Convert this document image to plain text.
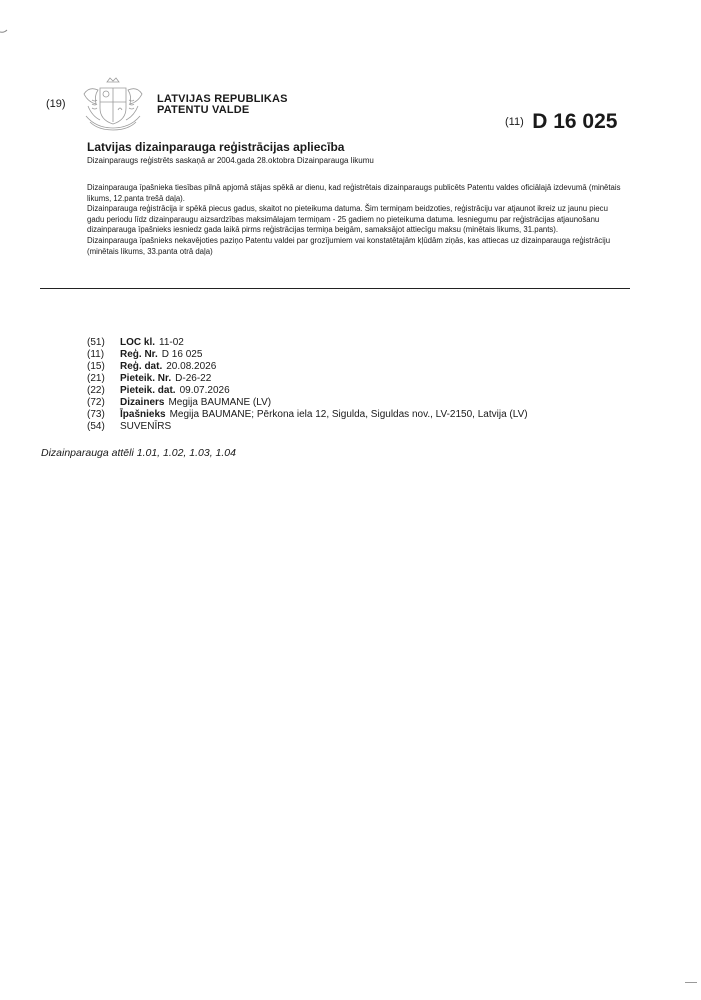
(19)	LATVIJAS REPUBLIKAS
PATENTU VALDE
(11) D 16 025
Latvijas dizainparauga reģistrācijas apliecība
Dizainparaugs reģistrēts saskaņā ar 2004.gada 28.oktobra Dizainparauga likumu

Dizainparauga īpašnieka tiesības pilnā apjomā stājas spēkā ar dienu, kad reģistrētais dizainparaugs publicēts Patentu valdes oficiālajā izdevumā (minētais likums, 12.panta trešā daļa).

Dizainparauga reģistrācija ir spēkā piecus gadus, skaitot no pieteikuma datuma. Šim termiņam beidzoties, reģistrāciju var atjaunot ikreiz uz jaunu piecu gadu periodu līdz dizainparaugu aizsardzības maksimālajam termiņam - 25 gadiem no pieteikuma datuma. Iesniegumu par reģistrācijas atjaunošanu dizainparauga īpašnieks iesniedz gada laikā pirms reģistrācijas termiņa beigām, samaksājot attiecīgu maksu (minētais likums, 31.pants).

Dizainparauga īpašnieks nekavējoties paziņo Patentu valdei par grozījumiem vai konstatētajām kļūdām ziņās, kas attiecas uz dizainparauga reģistrāciju (minētais likums, 33.panta otrā daļa)

(51)	LOC kl. 11-02
(11)	Reģ. Nr. D 16 025
(15)	Reģ. dat. 20.08.2026
(21)	Pieteik. Nr. D-26-22
(22)	Pieteik. dat. 09.07.2026
(72)	Dizainers Megija BAUMANE (LV)
(73)	Īpašnieks Megija BAUMANE; Pērkona iela 12, Sigulda, Siguldas nov., LV-2150, Latvija (LV)
(54)	SUVENĪRS
Dizainparauga attēli 1.01, 1.02, 1.03, 1.04
